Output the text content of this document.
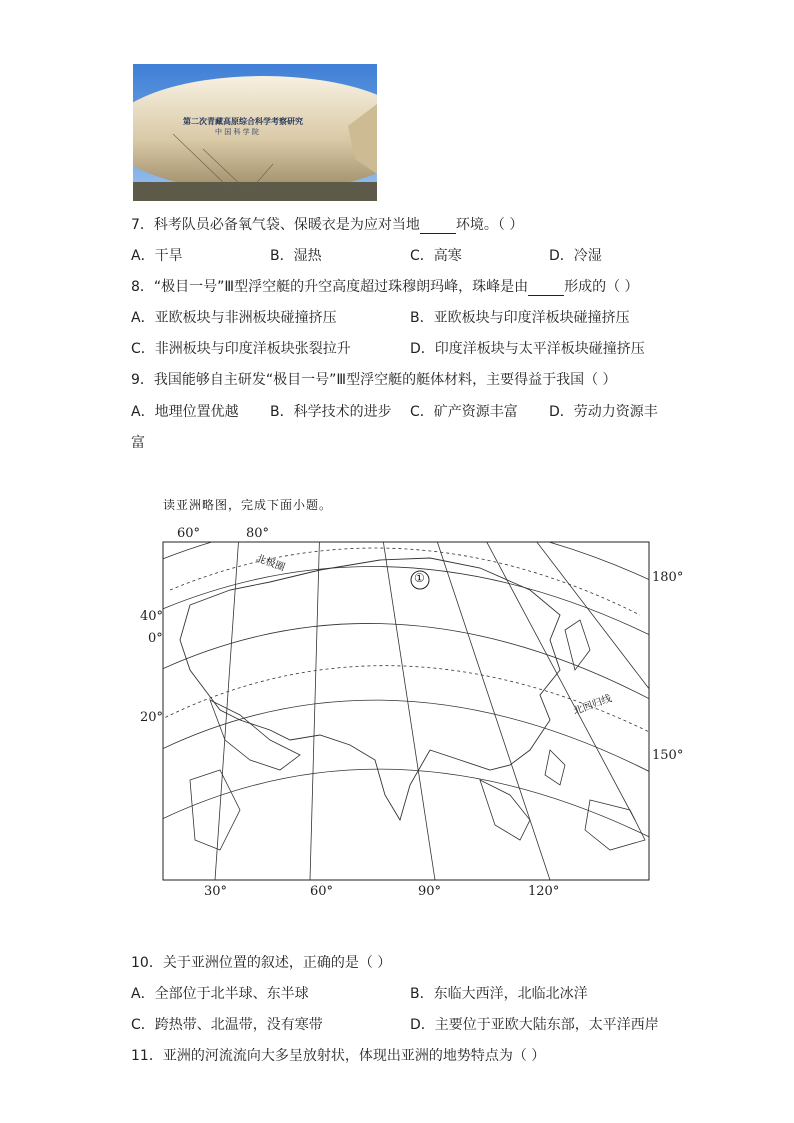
第二次青藏高原综合科学考察研究
中 国 科 学 院
7．科考队员必备氧气袋、保暖衣是为应对当地	环境。（ ）
A．干旱	B．湿热	C．高寒	D．冷湿
8．“极目一号”Ⅲ型浮空艇的升空高度超过珠穆朗玛峰，珠峰是由	形成的（ ）
A．亚欧板块与非洲板块碰撞挤压	B．亚欧板块与印度洋板块碰撞挤压
C．非洲板块与印度洋板块张裂拉升	D．印度洋板块与太平洋板块碰撞挤压
9．我国能够自主研发“极目一号”Ⅲ型浮空艇的艇体材料，主要得益于我国（ ）
A．地理位置优越 B．科学技术的进步 C．矿产资源丰富 D．劳动力资源丰
富
读亚洲略图，完成下面小题。
60°	80°
40°
0°
20°
180°
150°
30°	60°	90°	120°
北极圈
北回归线
①
10．关于亚洲位置的叙述，正确的是（ ）
A．全部位于北半球、东半球	B．东临大西洋，北临北冰洋
C．跨热带、北温带，没有寒带	D．主要位于亚欧大陆东部，太平洋西岸
11．亚洲的河流流向大多呈放射状，体现出亚洲的地势特点为（ ）
